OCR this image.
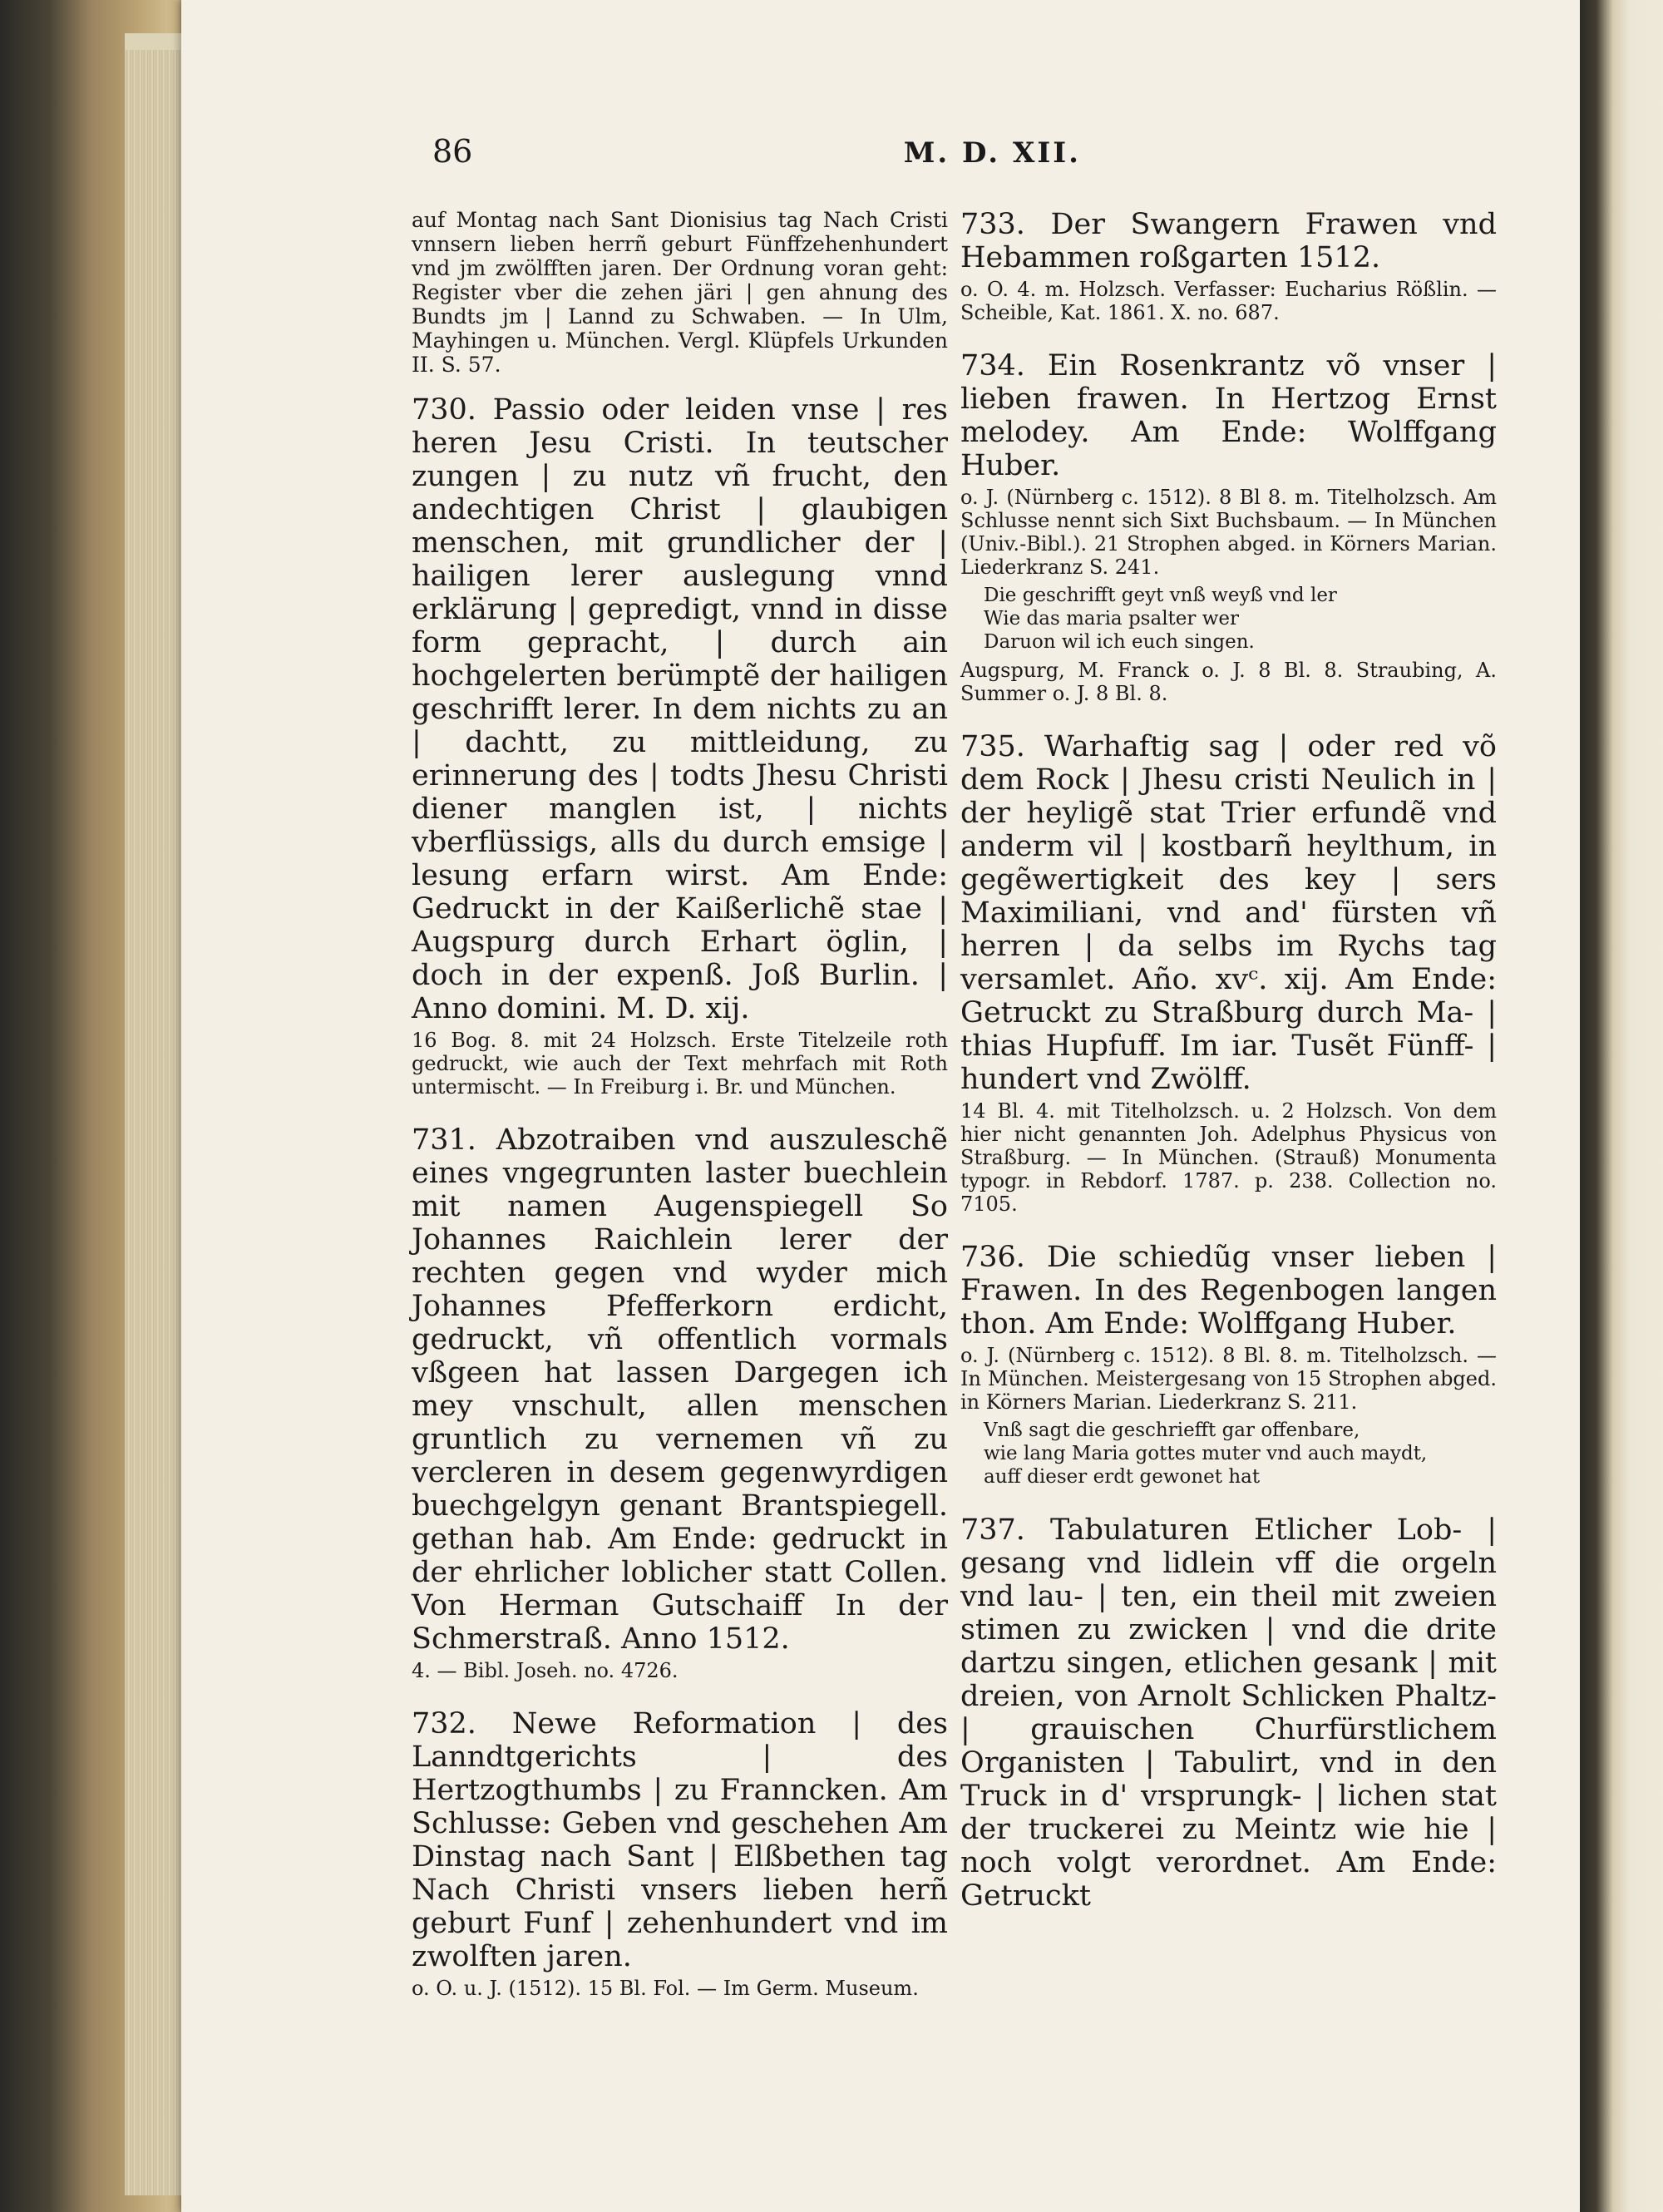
86	M. D. XII.

auf Montag nach Sant Dionisius tag Nach Cristi vnnsern lieben herrñ geburt Fünffzehenhundert vnd jm zwölfften jaren. Der Ordnung voran geht: Register vber die zehen järi | gen ahnung des Bundts jm | Lannd zu Schwaben. — In Ulm, Mayhingen u. München. Vergl. Klüpfels Urkunden II. S. 57.

730. Passio oder leiden vnse | res heren Jesu Cristi. In teutscher zungen | zu nutz vñ frucht, den andechtigen Christ | glaubigen menschen, mit grundlicher der | hailigen lerer auslegung vnnd erklärung | gepredigt, vnnd in disse form gepracht, | durch ain hochgelerten berümptẽ der hailigen geschrifft lerer. In dem nichts zu an | dachtt, zu mittleidung, zu erinnerung des | todts Jhesu Christi diener manglen ist, | nichts vberflüssigs, alls du durch emsige | lesung erfarn wirst. Am Ende: Gedruckt in der Kaißerlichẽ stae | Augspurg durch Erhart öglin, | doch in der expenß. Joß Burlin. | Anno domini. M. D. xij.

16 Bog. 8. mit 24 Holzsch. Erste Titelzeile roth gedruckt, wie auch der Text mehrfach mit Roth untermischt. — In Freiburg i. Br. und München.

731. Abzotraiben vnd auszuleschẽ eines vngegrunten laster buechlein mit namen Augenspiegell So Johannes Raichlein lerer der rechten gegen vnd wyder mich Johannes Pfefferkorn erdicht, gedruckt, vñ offentlich vormals vßgeen hat lassen Dargegen ich mey vnschult, allen menschen gruntlich zu vernemen vñ zu vercleren in desem gegenwyrdigen buechgelgyn genant Brantspiegell. gethan hab. Am Ende: gedruckt in der ehrlicher loblicher statt Collen. Von Herman Gutschaiff In der Schmerstraß. Anno 1512.

4. — Bibl. Joseh. no. 4726.

732. Newe Reformation | des Lanndtgerichts | des Hertzogthumbs | zu Franncken. Am Schlusse: Geben vnd geschehen Am Dinstag nach Sant | Elßbethen tag Nach Christi vnsers lieben herñ geburt Funf | zehenhundert vnd im zwolften jaren.

o. O. u. J. (1512). 15 Bl. Fol. — Im Germ. Museum.

733. Der Swangern Frawen vnd Hebammen roßgarten 1512.

o. O. 4. m. Holzsch. Verfasser: Eucharius Rößlin. — Scheible, Kat. 1861. X. no. 687.

734. Ein Rosenkrantz võ vnser | lieben frawen. In Hertzog Ernst melodey. Am Ende: Wolffgang Huber.

o. J. (Nürnberg c. 1512). 8 Bl 8. m. Titelholzsch. Am Schlusse nennt sich Sixt Buchsbaum. — In München (Univ.-Bibl.). 21 Strophen abged. in Körners Marian. Liederkranz S. 241.

Die geschrifft geyt vnß weyß vnd ler
Wie das maria psalter wer
Daruon wil ich euch singen.

Augspurg, M. Franck o. J. 8 Bl. 8. Straubing, A. Summer o. J. 8 Bl. 8.

735. Warhaftig sag | oder red võ dem Rock | Jhesu cristi Neulich in | der heyligẽ stat Trier erfundẽ vnd anderm vil | kostbarñ heylthum, in gegẽwertigkeit des key | sers Maximiliani, vnd and' fürsten vñ herren | da selbs im Rychs tag versamlet. Año. xvᶜ. xij. Am Ende: Getruckt zu Straßburg durch Ma- | thias Hupfuff. Im iar. Tusẽt Fünff- | hundert vnd Zwölff.

14 Bl. 4. mit Titelholzsch. u. 2 Holzsch. Von dem hier nicht genannten Joh. Adelphus Physicus von Straßburg. — In München. (Strauß) Monumenta typogr. in Rebdorf. 1787. p. 238. Collection no. 7105.

736. Die schiedũg vnser lieben | Frawen. In des Regenbogen langen thon. Am Ende: Wolffgang Huber.

o. J. (Nürnberg c. 1512). 8 Bl. 8. m. Titelholzsch. — In München. Meistergesang von 15 Strophen abged. in Körners Marian. Liederkranz S. 211.

Vnß sagt die geschriefft gar offenbare,
wie lang Maria gottes muter vnd auch maydt,
auff dieser erdt gewonet hat

737. Tabulaturen Etlicher Lob- | gesang vnd lidlein vff die orgeln vnd lau- | ten, ein theil mit zweien stimen zu zwicken | vnd die drite dartzu singen, etlichen gesank | mit dreien, von Arnolt Schlicken Phaltz- | grauischen Churfürstlichem Organisten | Tabulirt, vnd in den Truck in d' vrsprungk- | lichen stat der truckerei zu Meintz wie hie | noch volgt verordnet. Am Ende: Getruckt
